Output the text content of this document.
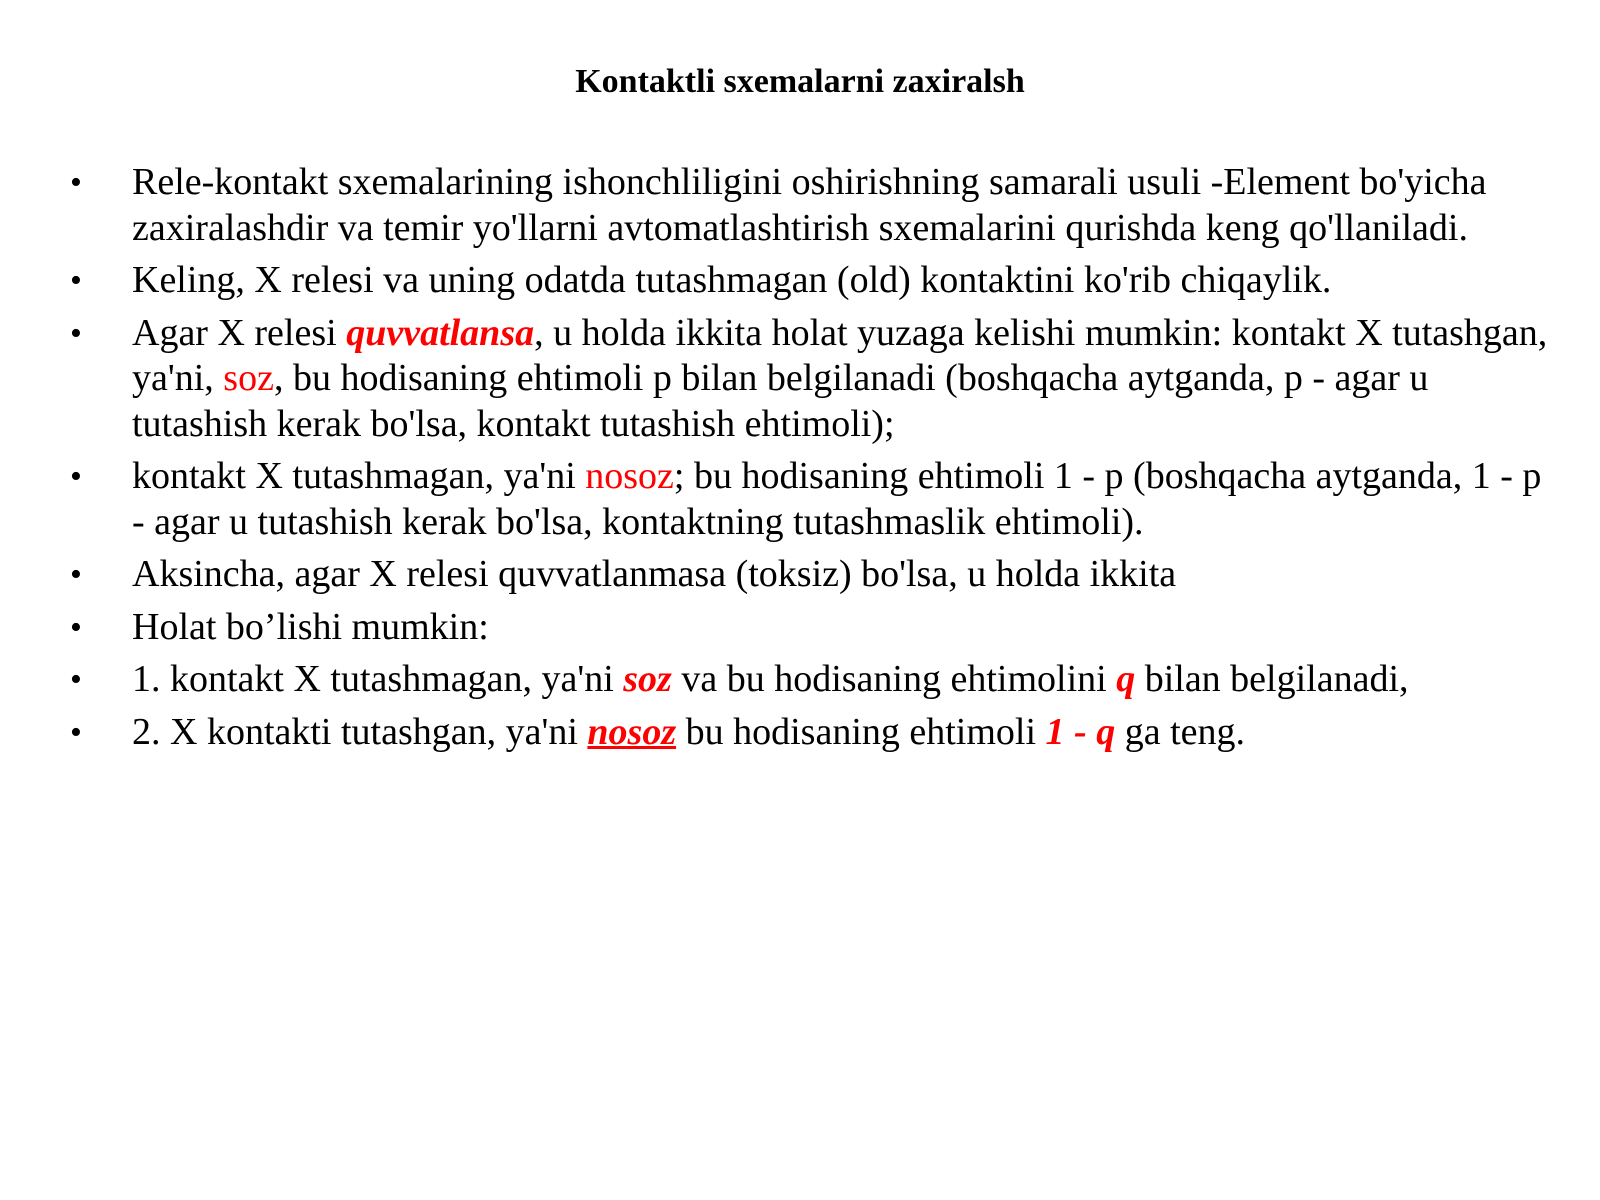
Kontaktli sxemalarni zaxiralsh
• Rele-kontakt sxemalarining ishonchliligini oshirishning samarali usuli -Element bo'yicha zaxiralashdir va temir yo'llarni avtomatlashtirish sxemalarini qurishda keng qo'llaniladi.
• Keling, X relesi va uning odatda tutashmagan (old) kontaktini ko'rib chiqaylik.
• Agar X relesi quvvatlansa, u holda ikkita holat yuzaga kelishi mumkin: kontakt X tutashgan, ya'ni, soz, bu hodisaning ehtimoli p bilan belgilanadi (boshqacha aytganda, p - agar u tutashish kerak bo'lsa, kontakt tutashish ehtimoli);
• kontakt X tutashmagan, ya'ni nosoz; bu hodisaning ehtimoli 1 - p (boshqacha aytganda, 1 - p - agar u tutashish kerak bo'lsa, kontaktning tutashmaslik ehtimoli).
• Aksincha, agar X relesi quvvatlanmasa (toksiz) bo'lsa, u holda ikkita
• Holat bo’lishi mumkin:
• 1. kontakt X tutashmagan, ya'ni soz va bu hodisaning ehtimolini q bilan belgilanadi,
• 2. X kontakti tutashgan, ya'ni nosoz bu hodisaning ehtimoli 1 - q ga teng.
